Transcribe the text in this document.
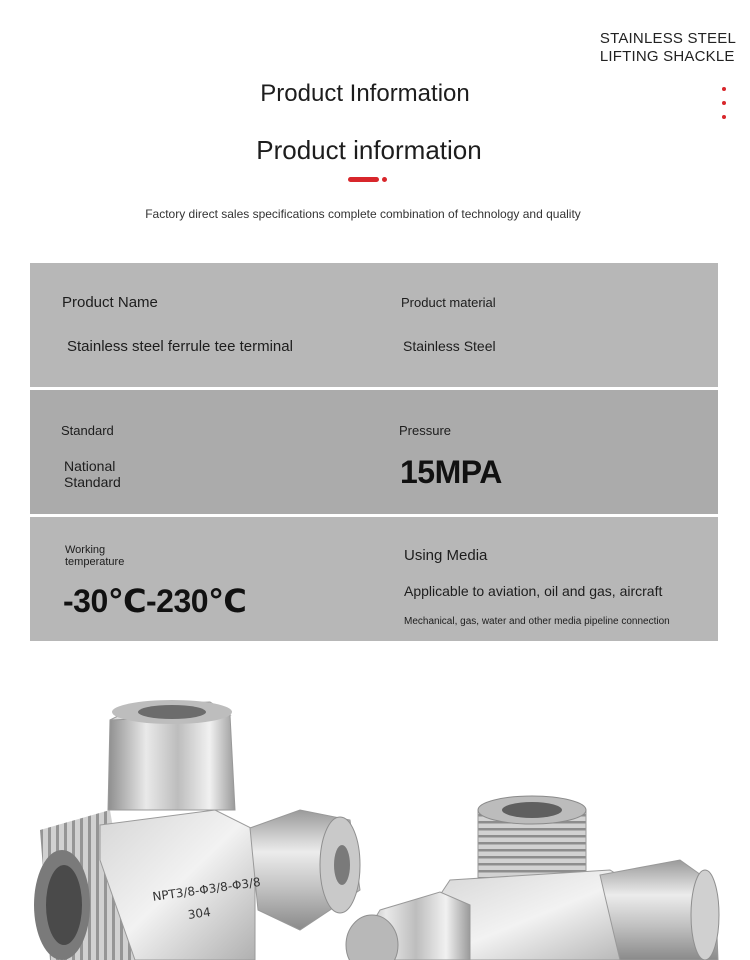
STAINLESS STEEL
LIFTING SHACKLE
Product Information
Product information
Factory direct sales specifications complete combination of technology and quality
Product Name
Stainless steel ferrule tee terminal
Product material
Stainless Steel
Standard
National
Standard
Pressure
15MPA
Working
temperature
-30℃-230℃
Using Media
Applicable to aviation, oil and gas, aircraft
Mechanical, gas, water and other media pipeline connection
NPT3/8-Φ3/8-Φ3/8
304
